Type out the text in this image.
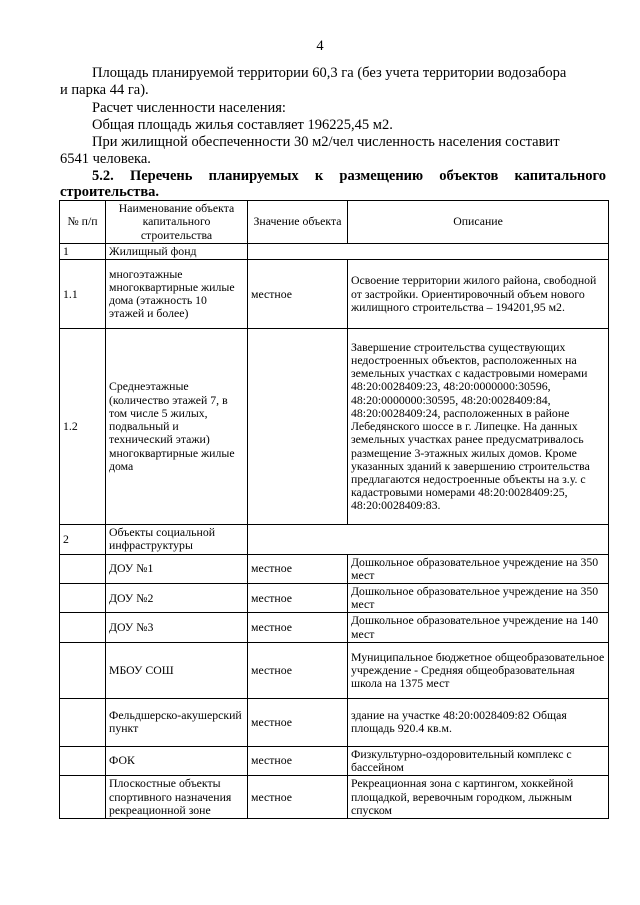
4
Площадь планируемой территории 60,3 га (без учета территории водозабора
и парка 44 га).
Расчет численности населения:
Общая площадь жилья составляет 196225,45 м2.
При жилищной обеспеченности 30 м2/чел численность населения составит
6541 человека.
5.2. Перечень планируемых к размещению объектов капитального
строительства.
№ п/п	Наименование объекта капитального строительства	Значение объекта	Описание
1	Жилищный фонд		
1.1	многоэтажные многоквартирные жилые дома (этажность 10 этажей и более)	местное	Освоение территории жилого района, свободной от застройки. Ориентировочный объем нового жилищного строительства – 194201,95 м2.
1.2	Среднеэтажные (количество этажей 7, в том числе 5 жилых, подвальный и технический этажи) многоквартирные жилые дома		Завершение строительства существующих недостроенных объектов, расположенных на земельных участках с кадастровыми номерами 48:20:0028409:23, 48:20:0000000:30596, 48:20:0000000:30595, 48:20:0028409:84, 48:20:0028409:24, расположенных в районе Лебедянского шоссе в г. Липецке. На данных земельных участках ранее предусматривалось размещение 3-этажных жилых домов. Кроме указанных зданий к завершению строительства предлагаются недостроенные объекты на з.у. с кадастровыми номерами 48:20:0028409:25, 48:20:0028409:83.
2	Объекты социальной инфраструктуры		
	ДОУ №1	местное	Дошкольное образовательное учреждение на 350 мест
	ДОУ №2	местное	Дошкольное образовательное учреждение на 350 мест
	ДОУ №3	местное	Дошкольное образовательное учреждение на 140 мест
	МБОУ СОШ	местное	Муниципальное бюджетное общеобразовательное учреждение - Средняя общеобразовательная школа на 1375 мест
	Фельдшерско-акушерский пункт	местное	здание на участке 48:20:0028409:82 Общая площадь 920.4 кв.м.
	ФОК	местное	Физкультурно-оздоровительный комплекс с бассейном
	Плоскостные объекты спортивного назначения рекреационной зоне	местное	Рекреационная зона с картингом, хоккейной площадкой, веревочным городком, лыжным спуском
